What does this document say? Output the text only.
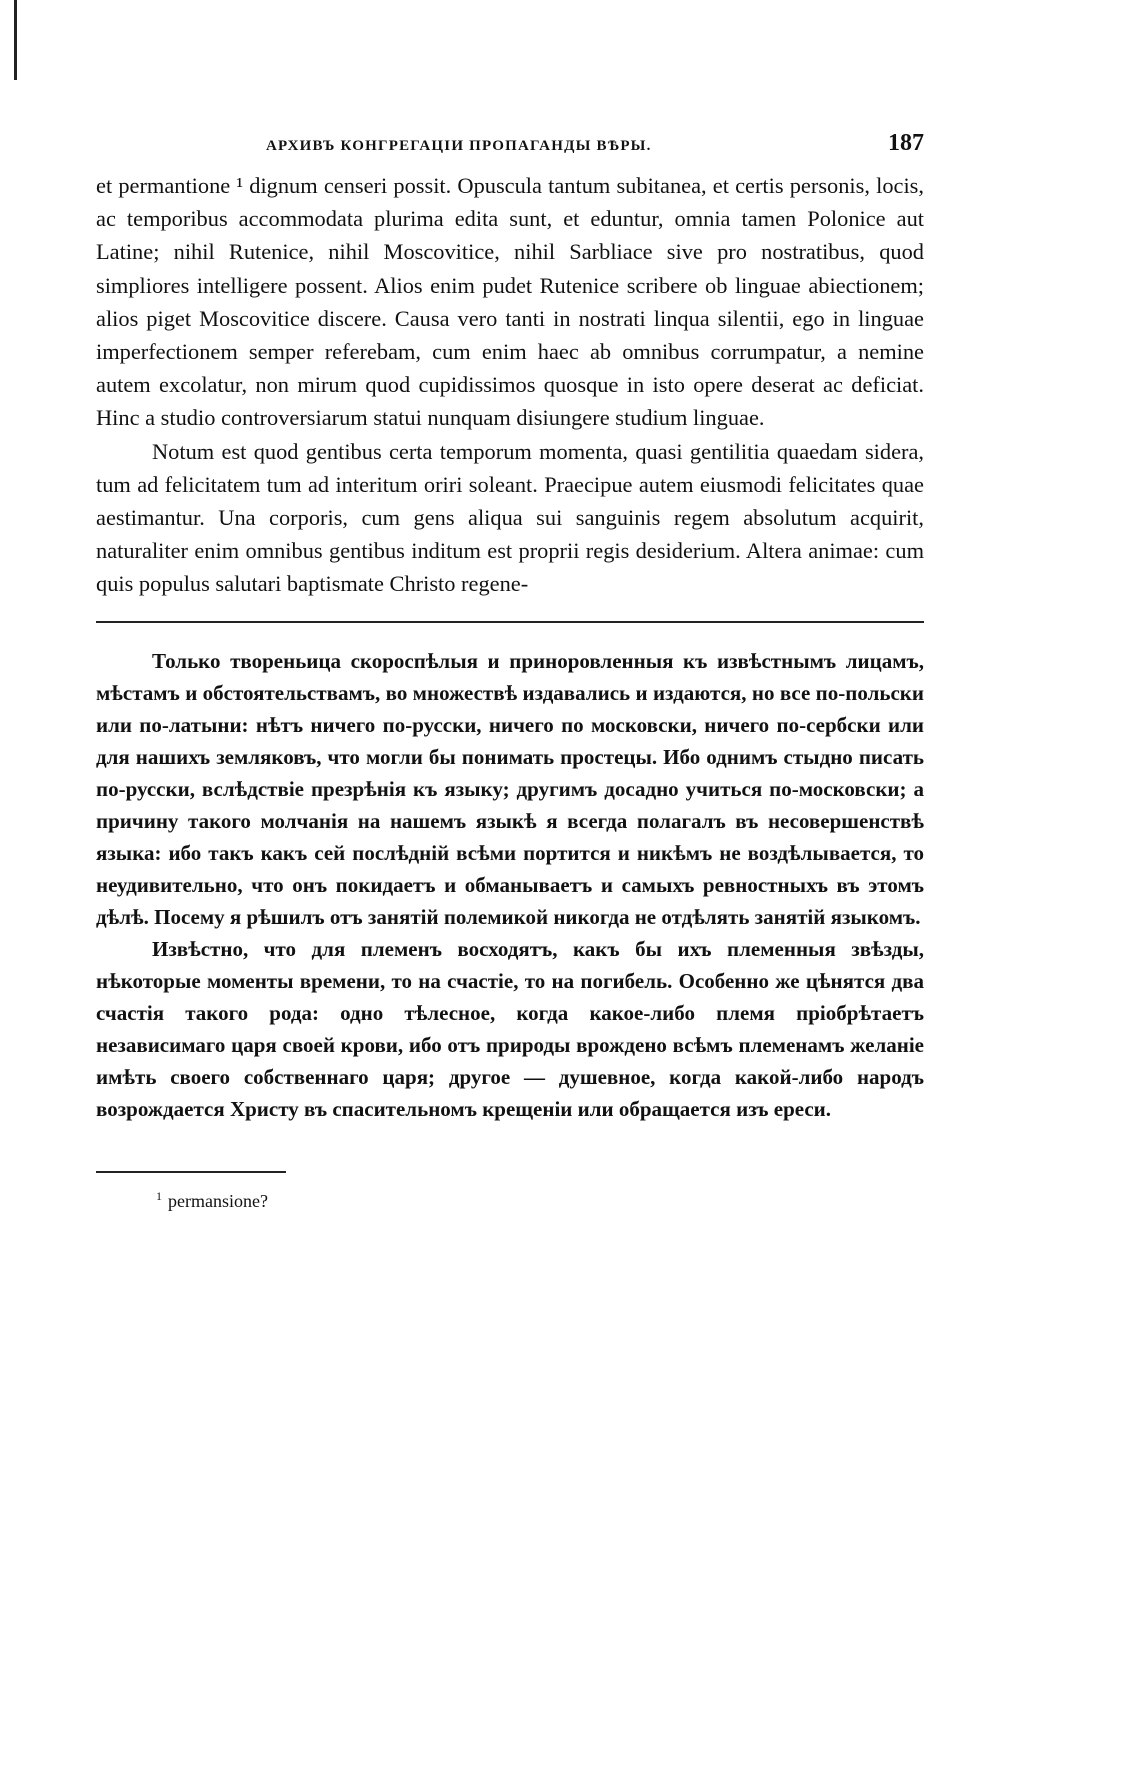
АРХИВЪ КОНГРЕГАЦІИ ПРОПАГАНДЫ ВѢРЫ.	187

et permantione ¹ dignum censeri possit. Opuscula tantum subitanea, et certis personis, locis, ac temporibus accommodata plurima edita sunt, et eduntur, omnia tamen Polonice aut Latine; nihil Rutenice, nihil Moscovitice, nihil Sarbliace sive pro nostratibus, quod simpliores intelligere possent. Alios enim pudet Rutenice scribere ob linguae abiectionem; alios piget Moscovitice discere. Causa vero tanti in nostrati linqua silentii, ego in linguae imperfectionem semper referebam, cum enim haec ab omnibus corrumpatur, a nemine autem excolatur, non mirum quod cupidissimos quosque in isto opere deserat ac deficiat. Hinc a studio controversiarum statui nunquam disiungere studium linguae.

Notum est quod gentibus certa temporum momenta, quasi gentilitia quaedam sidera, tum ad felicitatem tum ad interitum oriri soleant. Praecipue autem eiusmodi felicitates quae aestimantur. Una corporis, cum gens aliqua sui sanguinis regem absolutum acquirit, naturaliter enim omnibus gentibus inditum est proprii regis desiderium. Altera animae: cum quis populus salutari baptismate Christo regene-

Только твореньица скороспѣлыя и приноровленныя къ извѣстнымъ лицамъ, мѣстамъ и обстоятельствамъ, во множествѣ издавались и издаются, но все по-польски или по-латыни: нѣтъ ничего по-русски, ничего по московски, ничего по-сербски или для нашихъ земляковъ, что могли бы понимать простецы. Ибо однимъ стыдно писать по-русски, вслѣдствіе презрѣнія къ языку; другимъ досадно учиться по-московски; а причину такого молчанія на нашемъ языкѣ я всегда полагалъ въ несовершенствѣ языка: ибо такъ какъ сей послѣдній всѣми портится и никѣмъ не воздѣлывается, то неудивительно, что онъ покидаетъ и обманываетъ и самыхъ ревностныхъ въ этомъ дѣлѣ. Посему я рѣшилъ отъ занятій полемикой никогда не отдѣлять занятій языкомъ.

Извѣстно, что для племенъ восходятъ, какъ бы ихъ племенныя звѣзды, нѣкоторые моменты времени, то на счастіе, то на погибель. Особенно же цѣнятся два счастія такого рода: одно тѣлесное, когда какое-либо племя пріобрѣтаетъ независимаго царя своей крови, ибо отъ природы врождено всѣмъ племенамъ желаніе имѣть своего собственнаго царя; другое — душевное, когда какой-либо народъ возрождается Христу въ спасительномъ крещеніи или обращается изъ ереси.

$^1$ permansione?
